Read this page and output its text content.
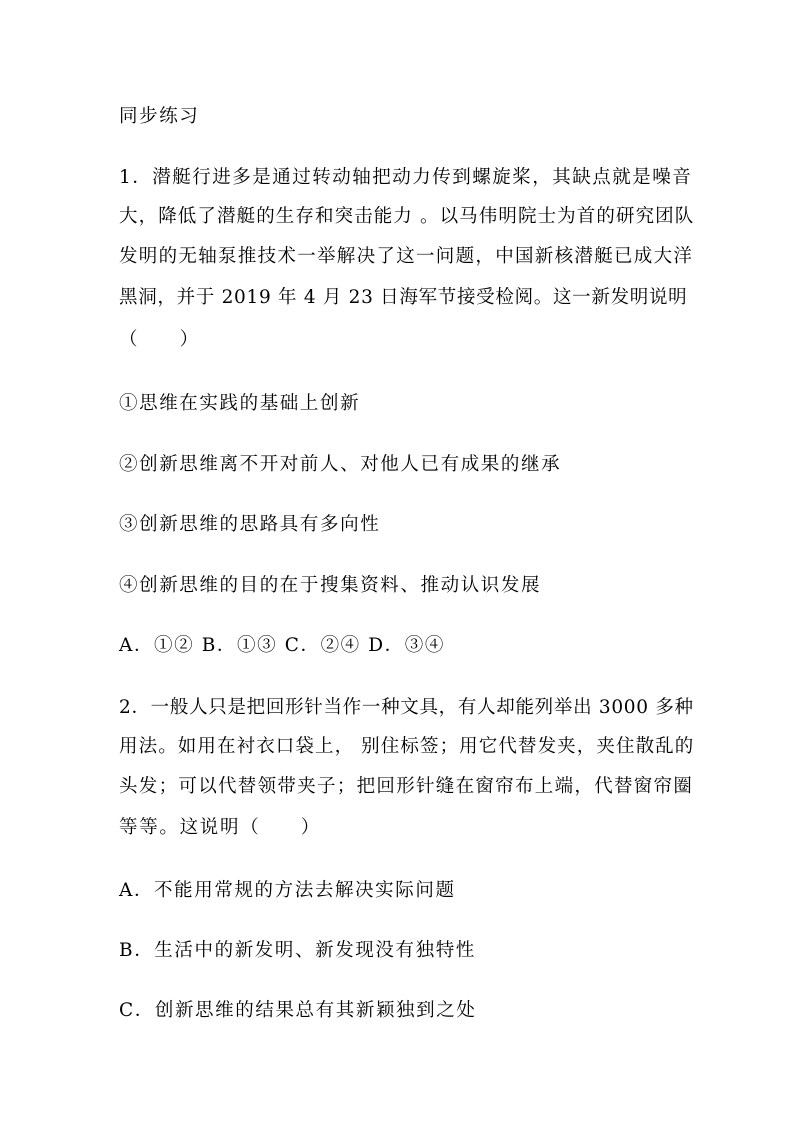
同步练习
1．潜艇行进多是通过转动轴把动力传到螺旋桨，其缺点就是噪音
大，降低了潜艇的生存和突击能力 。以马伟明院士为首的研究团队
发明的无轴泵推技术一举解决了这一问题，中国新核潜艇已成大洋
黑洞，并于 2019 年 4 月 23 日海军节接受检阅。这一新发明说明
（　　）
①思维在实践的基础上创新
②创新思维离不开对前人、对他人已有成果的继承
③创新思维的思路具有多向性
④创新思维的目的在于搜集资料、推动认识发展
A．①② B．①③ C．②④ D．③④
2．一般人只是把回形针当作一种文具，有人却能列举出 3000 多种
用法。如用在衬衣口袋上， 别住标签；用它代替发夹，夹住散乱的
头发；可以代替领带夹子；把回形针缝在窗帘布上端，代替窗帘圈
等等。这说明（　　）
A．不能用常规的方法去解决实际问题
B．生活中的新发明、新发现没有独特性
C．创新思维的结果总有其新颖独到之处
